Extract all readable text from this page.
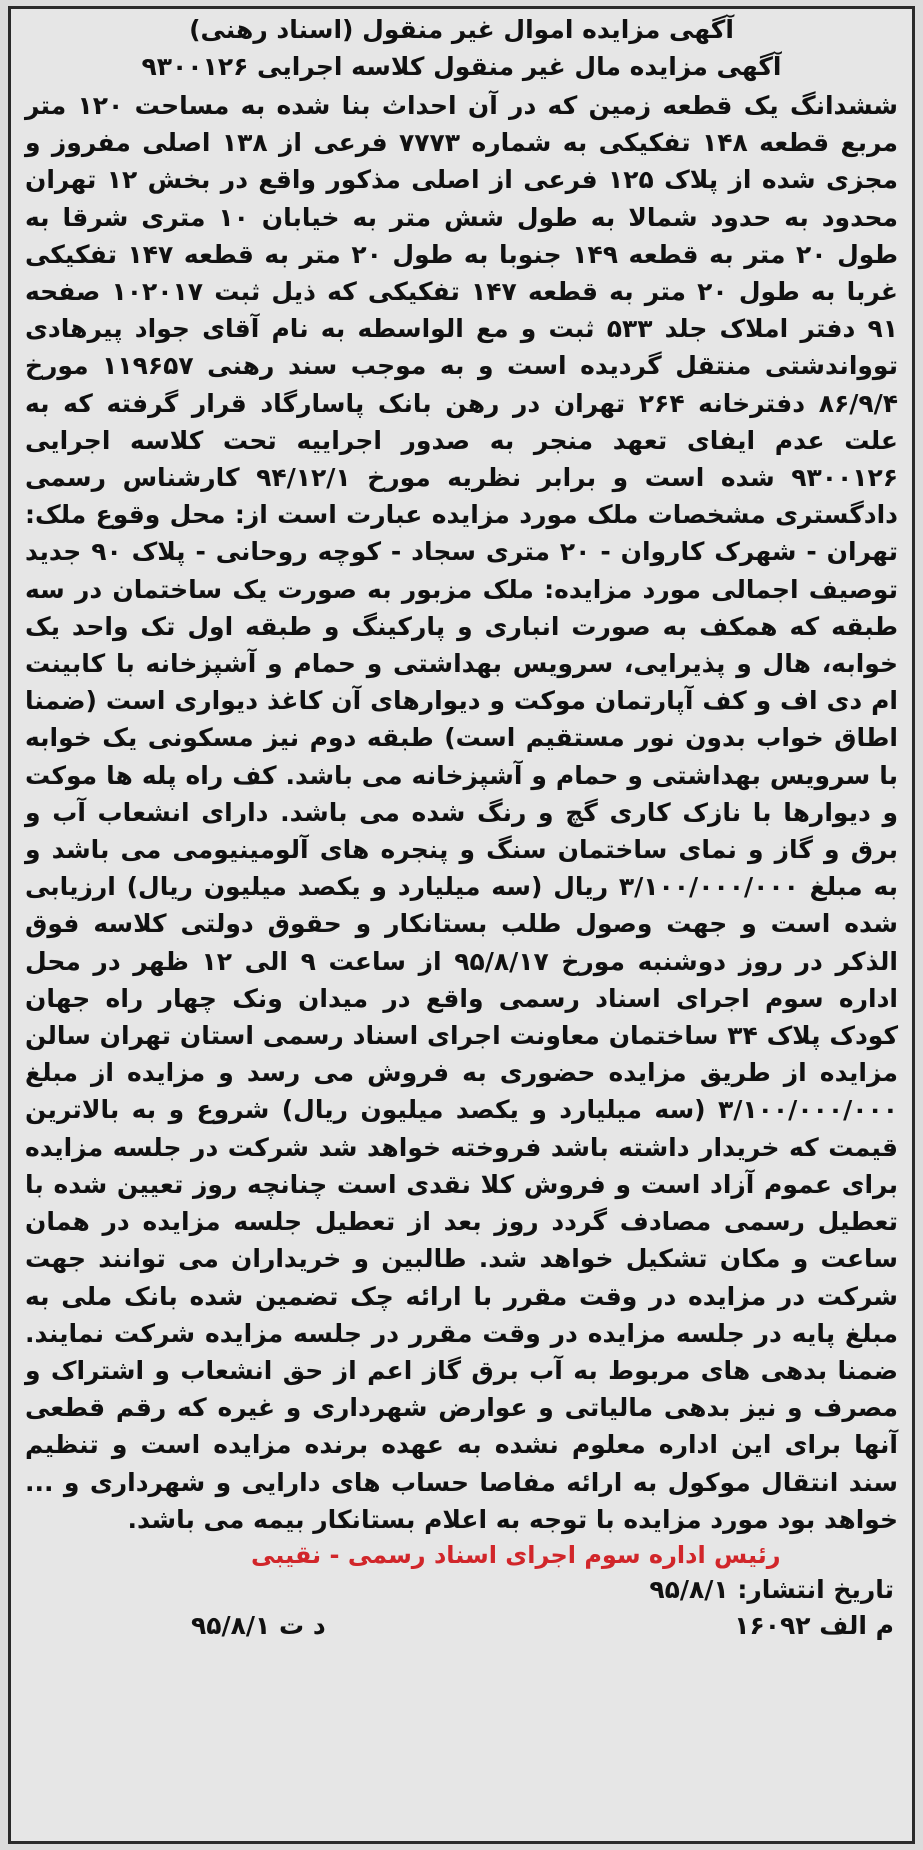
آگهی مزایده اموال غیر منقول (اسناد رهنی)
آگهی مزایده مال غیر منقول کلاسه اجرایی ۹۳۰۰۱۲۶
ششدانگ یک قطعه زمین که در آن احداث بنا شده به مساحت ۱۲۰ متر مربع قطعه ۱۴۸ تفکیکی به شماره ۷۷۷۳ فرعی از ۱۳۸ اصلی مفروز و مجزی شده از پلاک ۱۲۵ فرعی از اصلی مذکور واقع در بخش ۱۲ تهران محدود به حدود شمالا به طول شش متر به خیابان ۱۰ متری شرقا به طول ۲۰ متر به قطعه ۱۴۹ جنوبا به طول ۲۰ متر به قطعه ۱۴۷ تفکیکی غربا به طول ۲۰ متر به قطعه ۱۴۷ تفکیکی که ذیل ثبت ۱۰۲۰۱۷ صفحه ۹۱ دفتر املاک جلد ۵۳۳ ثبت و مع الواسطه به نام آقای جواد پیرهادی توواندشتی منتقل گردیده است و به موجب سند رهنی ۱۱۹۶۵۷ مورخ ۸۶/۹/۴ دفترخانه ۲۶۴ تهران در رهن بانک پاسارگاد قرار گرفته که به علت عدم ایفای تعهد منجر به صدور اجراییه تحت کلاسه اجرایی ۹۳۰۰۱۲۶ شده است و برابر نظریه مورخ ۹۴/۱۲/۱ کارشناس رسمی دادگستری مشخصات ملک مورد مزایده عبارت است از: محل وقوع ملک: تهران - شهرک کاروان - ۲۰ متری سجاد - کوچه روحانی - پلاک ۹۰ جدید توصیف اجمالی مورد مزایده: ملک مزبور به صورت یک ساختمان در سه طبقه که همکف به صورت انباری و پارکینگ و طبقه اول تک واحد یک خوابه، هال و پذیرایی، سرویس بهداشتی و حمام و آشپزخانه با کابینت ام دی اف و کف آپارتمان موکت و دیوارهای آن کاغذ دیواری است (ضمنا اطاق خواب بدون نور مستقیم است) طبقه دوم نیز مسکونی یک خوابه با سرویس بهداشتی و حمام و آشپزخانه می باشد. کف راه پله ها موکت و دیوارها با نازک کاری گچ و رنگ شده می باشد. دارای انشعاب آب و برق و گاز و نمای ساختمان سنگ و پنجره های آلومینیومی می باشد و به مبلغ ۳/۱۰۰/۰۰۰/۰۰۰ ریال (سه میلیارد و یکصد میلیون ریال) ارزیابی شده است و جهت وصول طلب بستانکار و حقوق دولتی کلاسه فوق الذکر در روز دوشنبه مورخ ۹۵/۸/۱۷ از ساعت ۹ الی ۱۲ ظهر در محل اداره سوم اجرای اسناد رسمی واقع در میدان ونک چهار راه جهان کودک پلاک ۳۴ ساختمان معاونت اجرای اسناد رسمی استان تهران سالن مزایده از طریق مزایده حضوری به فروش می رسد و مزایده از مبلغ ۳/۱۰۰/۰۰۰/۰۰۰ (سه میلیارد و یکصد میلیون ریال) شروع و به بالاترین قیمت که خریدار داشته باشد فروخته خواهد شد شرکت در جلسه مزایده برای عموم آزاد است و فروش کلا نقدی است چنانچه روز تعیین شده با تعطیل رسمی مصادف گردد روز بعد از تعطیل جلسه مزایده در همان ساعت و مکان تشکیل خواهد شد. طالبین و خریداران می توانند جهت شرکت در مزایده در وقت مقرر با ارائه چک تضمین شده بانک ملی به مبلغ پایه در جلسه مزایده در وقت مقرر در جلسه مزایده شرکت نمایند. ضمنا بدهی های مربوط به آب برق گاز اعم از حق انشعاب و اشتراک و مصرف و نیز بدهی مالیاتی و عوارض شهرداری و غیره که رقم قطعی آنها برای این اداره معلوم نشده به عهده برنده مزایده است و تنظیم سند انتقال موکول به ارائه مفاصا حساب های دارایی و شهرداری و ... خواهد بود مورد مزایده با توجه به اعلام بستانکار بیمه می باشد.
رئیس اداره سوم اجرای اسناد رسمی - نقیبی
تاریخ انتشار: ۹۵/۸/۱
م الف ۱۶۰۹۲
د ت ۹۵/۸/۱
